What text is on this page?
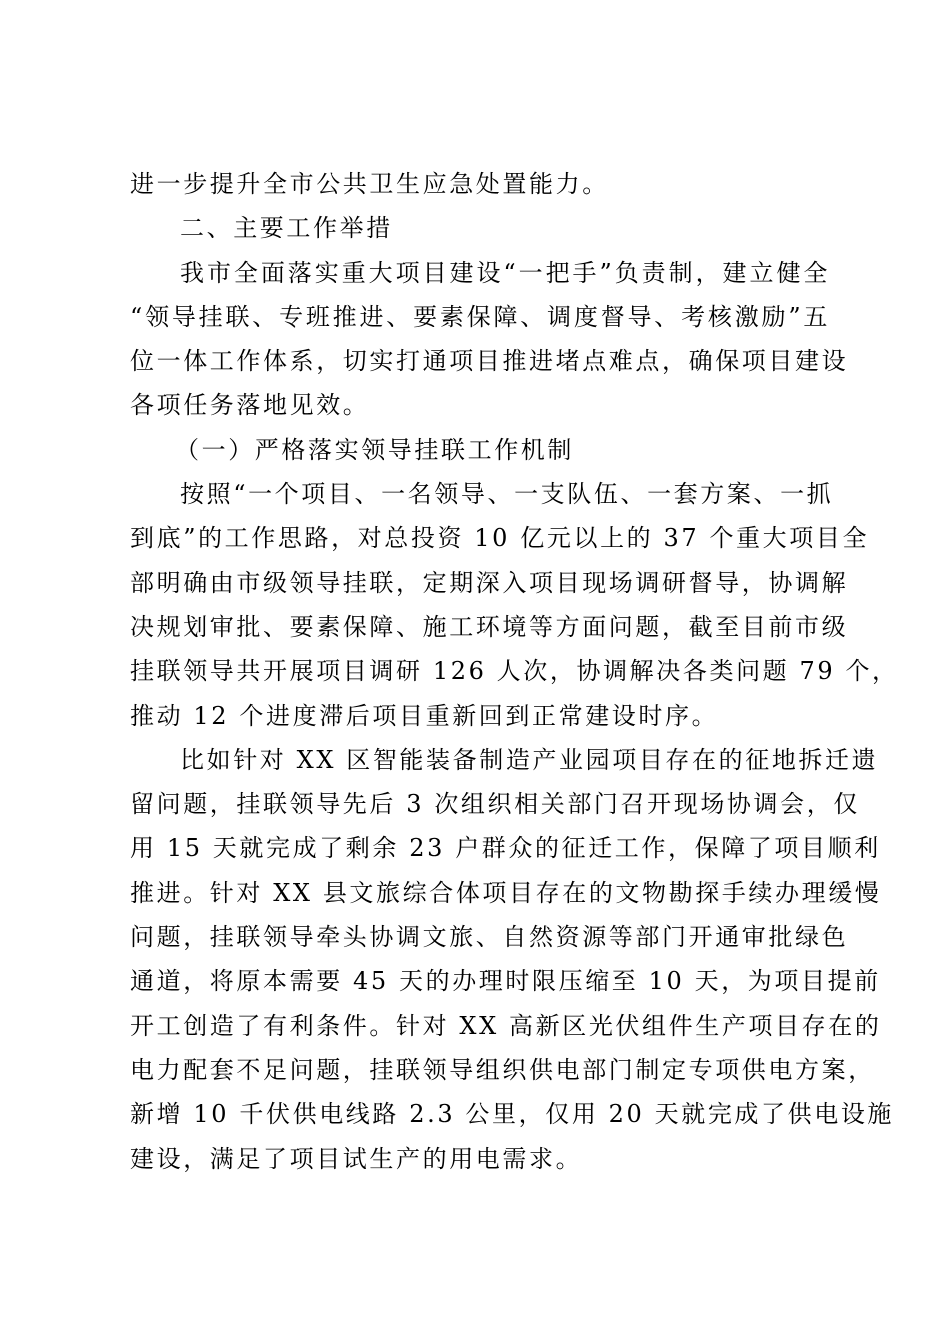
进一步提升全市公共卫生应急处置能力。
二、主要工作举措
我市全面落实重大项目建设“一把手”负责制，建立健全
“领导挂联、专班推进、要素保障、调度督导、考核激励”五
位一体工作体系，切实打通项目推进堵点难点，确保项目建设
各项任务落地见效。
（一）严格落实领导挂联工作机制
按照“一个项目、一名领导、一支队伍、一套方案、一抓
到底”的工作思路，对总投资 10 亿元以上的 37 个重大项目全
部明确由市级领导挂联，定期深入项目现场调研督导，协调解
决规划审批、要素保障、施工环境等方面问题，截至目前市级
挂联领导共开展项目调研 126 人次，协调解决各类问题 79 个，
推动 12 个进度滞后项目重新回到正常建设时序。
比如针对 XX 区智能装备制造产业园项目存在的征地拆迁遗
留问题，挂联领导先后 3 次组织相关部门召开现场协调会，仅
用 15 天就完成了剩余 23 户群众的征迁工作，保障了项目顺利
推进。针对 XX 县文旅综合体项目存在的文物勘探手续办理缓慢
问题，挂联领导牵头协调文旅、自然资源等部门开通审批绿色
通道，将原本需要 45 天的办理时限压缩至 10 天，为项目提前
开工创造了有利条件。针对 XX 高新区光伏组件生产项目存在的
电力配套不足问题，挂联领导组织供电部门制定专项供电方案，
新增 10 千伏供电线路 2.3 公里，仅用 20 天就完成了供电设施
建设，满足了项目试生产的用电需求。
